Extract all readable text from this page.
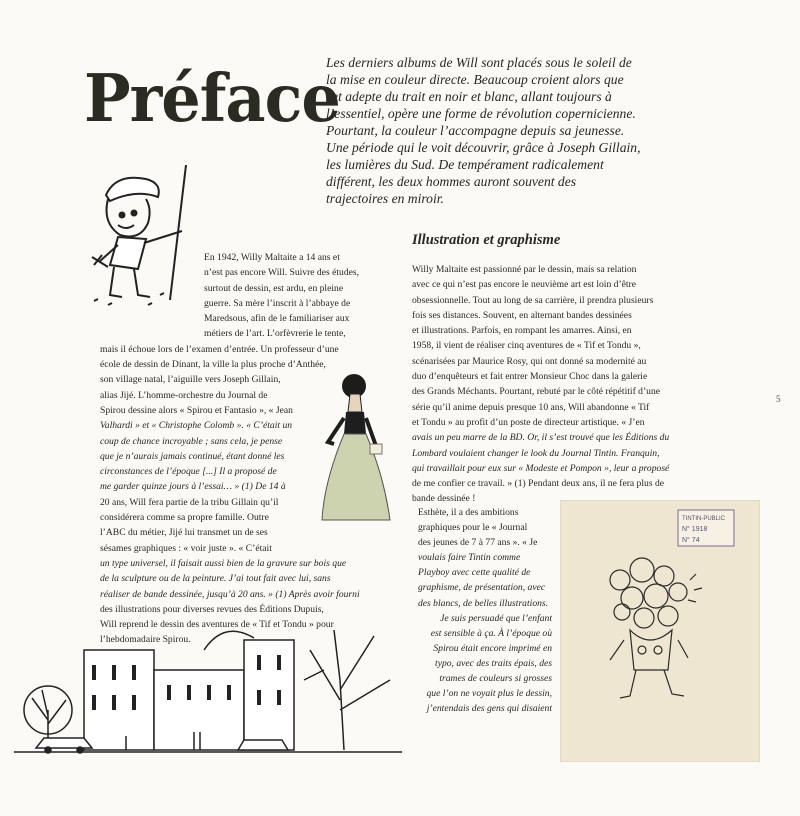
Préface

Les derniers albums de Will sont placés sous le soleil de
la mise en couleur directe. Beaucoup croient alors que
cet adepte du trait en noir et blanc, allant toujours à
l’essentiel, opère une forme de révolution copernicienne.
Pourtant, la couleur l’accompagne depuis sa jeunesse.
Une période qui le voit découvrir, grâce à Joseph Gillain,
les lumières du Sud. De tempérament radicalement
différent, les deux hommes auront souvent des
trajectoires en miroir.

En 1942, Willy Maltaite a 14 ans et
n’est pas encore Will. Suivre des études,
surtout de dessin, est ardu, en pleine
guerre. Sa mère l’inscrit à l’abbaye de
Maredsous, afin de le familiariser aux
métiers de l’art. L’orfèvrerie le tente,
mais il échoue lors de l’examen d’entrée. Un professeur d’une
école de dessin de Dinant, la ville la plus proche d’Anthée,
son village natal, l’aiguille vers Joseph Gillain,
alias Jijé. L’homme-orchestre du Journal de
Spirou dessine alors « Spirou et Fantasio », « Jean
Valhardi » et « Christophe Colomb ». « C’était un
coup de chance incroyable ; sans cela, je pense
que je n’aurais jamais continué, étant donné les
circonstances de l’époque [...] Il a proposé de
me garder quinze jours à l’essai… » (1) De 14 à
20 ans, Will fera partie de la tribu Gillain qu’il
considérera comme sa propre famille. Outre
l’ABC du métier, Jijé lui transmet un de ses
sésames graphiques : « voir juste ». « C’était
un type universel, il faisait aussi bien de la gravure sur bois que
de la sculpture ou de la peinture. J’ai tout fait avec lui, sans
réaliser de bande dessinée, jusqu’à 20 ans. » (1) Après avoir fourni
des illustrations pour diverses revues des Éditions Dupuis,
Will reprend le dessin des aventures de « Tif et Tondu » pour
l’hebdomadaire Spirou.
Illustration et graphisme
Willy Maltaite est passionné par le dessin, mais sa relation
avec ce qui n’est pas encore le neuvième art est loin d’être
obsessionnelle. Tout au long de sa carrière, il prendra plusieurs
fois ses distances. Souvent, en alternant bandes dessinées
et illustrations. Parfois, en rompant les amarres. Ainsi, en
1958, il vient de réaliser cinq aventures de « Tif et Tondu »,
scénarisées par Maurice Rosy, qui ont donné sa modernité au
duo d’enquêteurs et fait entrer Monsieur Choc dans la galerie
des Grands Méchants. Pourtant, rebuté par le côté répétitif d’une
série qu’il anime depuis presque 10 ans, Will abandonne « Tif
et Tondu » au profit d’un poste de directeur artistique. « J’en
avais un peu marre de la BD. Or, il s’est trouvé que les Éditions du
Lombard voulaient changer le look du Journal Tintin. Franquin,
qui travaillait pour eux sur « Modeste et Pompon », leur a proposé
de me confier ce travail. » (1) Pendant deux ans, il ne fera plus de
bande dessinée !
Esthète, il a des ambitions
graphiques pour le « Journal
des jeunes de 7 à 77 ans ». « Je
voulais faire Tintin comme
Playboy avec cette qualité de
graphisme, de présentation, avec
des blancs, de belles illustrations.
Je suis persuadé que l’enfant
est sensible à ça. À l’époque où
Spirou était encore imprimé en
typo, avec des traits épais, des
trames de couleurs si grosses
que l’on ne voyait plus le dessin,
j’entendais des gens qui disaient
TINTIN-PUBLIC
N° 1918
N° 74
5
